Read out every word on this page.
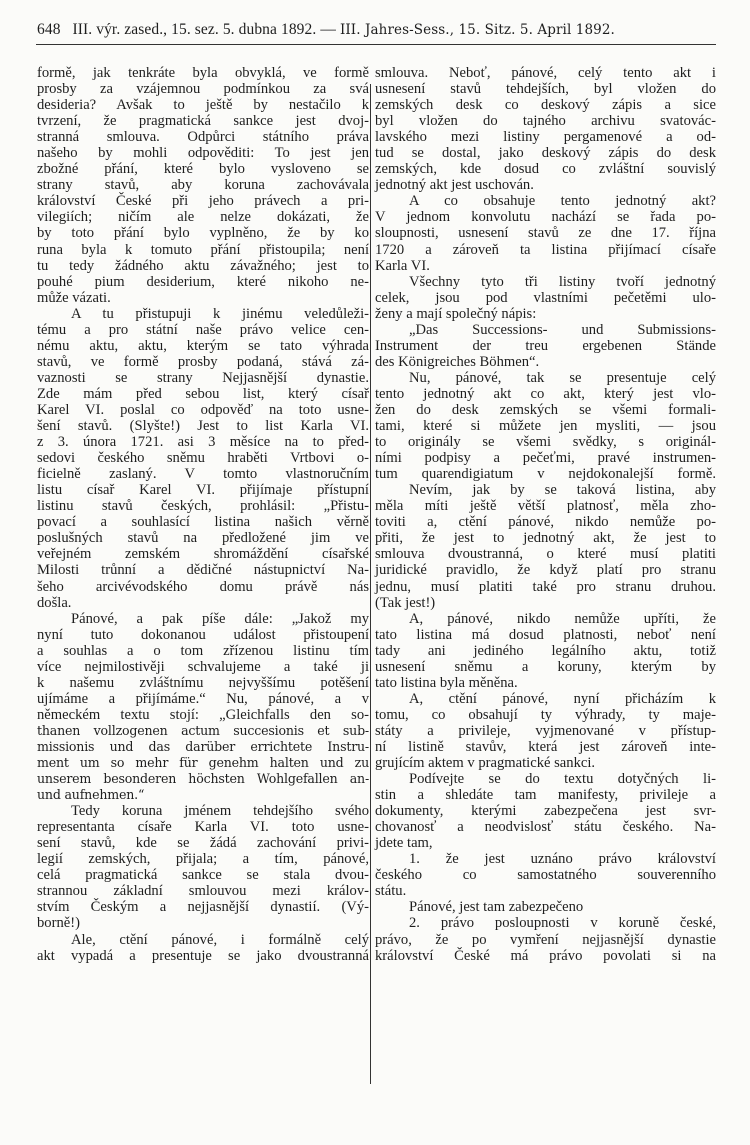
648 III. výr. zased., 15. sez. 5. dubna 1892. — III. Jahres-Sess., 15. Sitz. 5. April 1892.
formě, jak tenkráte byla obvyklá, ve formě
prosby za vzájemnou podmínkou za svá
desideria? Avšak to ještě by nestačilo k
tvrzení, že pragmatická sankce jest dvoj-
stranná smlouva. Odpůrci státního práva
našeho by mohli odpověditi: To jest jen
zbožné přání, které bylo vysloveno se
strany stavů, aby koruna zachovávala
království České při jeho právech a pri-
vilegiích; ničím ale nelze dokázati, že
by toto přání bylo vyplněno, že by ko
runa byla k tomuto přání přistoupila; není
tu tedy žádného aktu závažného; jest to
pouhé pium desiderium, které nikoho ne-
může vázati.
A tu přistupuji k jinému veledůleži-
tému a pro státní naše právo velice cen-
nému aktu, aktu, kterým se tato výhrada
stavů, ve formě prosby podaná, stává zá-
vaznosti se strany Nejjasnější dynastie.
Zde mám před sebou list, který císař
Karel VI. poslal co odpověď na toto usne-
šení stavů. (Slyšte!) Jest to list Karla VI.
z 3. února 1721. asi 3 měsíce na to před-
sedovi českého sněmu hraběti Vrtbovi o-
ficielně zaslaný. V tomto vlastnoručním
listu císař Karel VI. přijímaje přístupní
listinu stavů českých, prohlásil: „Přistu-
povací a souhlasící listina našich věrně
poslušných stavů na předložené jim ve
veřejném zemském shromáždění císařské
Milosti trůnní a dědičné nástupnictví Na-
šeho arcivévodského domu právě nás
došla.
Pánové, a pak píše dále: „Jakož my
nyní tuto dokonanou událost přistoupení
a souhlas a o tom zřízenou listinu tím
více nejmilostivěji schvalujeme a také ji
k našemu zvláštnímu nejvyššímu potěšení
ujímáme a přijímáme.“ Nu, pánové, a v
německém textu stojí: „Gleichfalls den so-
thanen vollzogenen actum succesionis et sub-
missionis und das darüber errichtete Instru-
ment um so mehr für genehm halten und zu
unserem besonderen höchsten Wohlgefallen an-
und aufnehmen.“
Tedy koruna jménem tehdejšího svého
representanta císaře Karla VI. toto usne-
sení stavů, kde se žádá zachování privi-
legií zemských, přijala; a tím, pánové,
celá pragmatická sankce se stala dvou-
strannou základní smlouvou mezi králov-
stvím Českým a nejjasnější dynastií. (Vý-
borně!)
Ale, ctění pánové, i formálně celý
akt vypadá a presentuje se jako dvoustranná
smlouva. Neboť, pánové, celý tento akt i
usnesení stavů tehdejších, byl vložen do
zemských desk co deskový zápis a sice
byl vložen do tajného archivu svatovác-
lavského mezi listiny pergamenové a od-
tud se dostal, jako deskový zápis do desk
zemských, kde dosud co zvláštní souvislý
jednotný akt jest uschován.
A co obsahuje tento jednotný akt?
V jednom konvolutu nachází se řada po-
sloupnosti, usnesení stavů ze dne 17. října
1720 a zároveň ta listina přijímací císaře
Karla VI.
Všechny tyto tři listiny tvoří jednotný
celek, jsou pod vlastními pečetěmi ulo-
ženy a mají společný nápis:
„Das Successions- und Submissions-
Instrument der treu ergebenen Stände
des Königreiches Böhmen“.
Nu, pánové, tak se presentuje celý
tento jednotný akt co akt, který jest vlo-
žen do desk zemských se všemi formali-
tami, které si můžete jen mysliti, — jsou
to originály se všemi svědky, s originál-
ními podpisy a pečeťmi, pravé instrumen-
tum quarendigiatum v nejdokonalejší formě.
Nevím, jak by se taková listina, aby
měla míti ještě větší platnosť, měla zho-
toviti a, ctění pánové, nikdo nemůže po-
přiti, že jest to jednotný akt, že jest to
smlouva dvoustranná, o které musí platiti
juridické pravidlo, že když platí pro stranu
jednu, musí platiti také pro stranu druhou.
(Tak jest!)
A, pánové, nikdo nemůže upříti, že
tato listina má dosud platnosti, neboť není
tady ani jediného legálního aktu, totiž
usnesení sněmu a koruny, kterým by
tato listina byla měněna.
A, ctění pánové, nyní přicházím k
tomu, co obsahují ty výhrady, ty maje-
státy a privileje, vyjmenované v přístup-
ní listině stavův, která jest zároveň inte-
grujícím aktem v pragmatické sankci.
Podívejte se do textu dotyčných li-
stin a shledáte tam manifesty, privileje a
dokumenty, kterými zabezpečena jest svr-
chovanosť a neodvislosť státu českého. Na-
jdete tam,
1. že jest uznáno právo království
českého co samostatného souverenního
státu.
Pánové, jest tam zabezpečeno
2. právo posloupnosti v koruně české,
právo, že po vymření nejjasnější dynastie
království České má právo povolati si na
